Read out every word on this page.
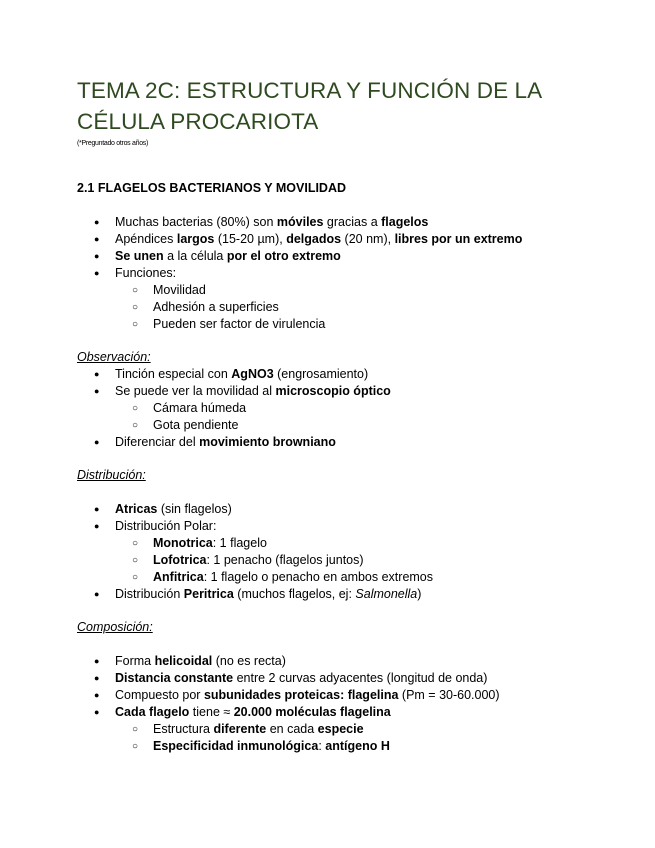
TEMA 2C: ESTRUCTURA Y FUNCIÓN DE LA
CÉLULA PROCARIOTA
(*Preguntado otros años)
2.1 FLAGELOS BACTERIANOS Y MOVILIDAD
● Muchas bacterias (80%) son móviles gracias a flagelos
● Apéndices largos (15-20 µm), delgados (20 nm), libres por un extremo
● Se unen a la célula por el otro extremo
● Funciones:
○ Movilidad
○ Adhesión a superficies
○ Pueden ser factor de virulencia

Observación:

● Tinción especial con AgNO3 (engrosamiento)
● Se puede ver la movilidad al microscopio óptico
○ Cámara húmeda
○ Gota pendiente
● Diferenciar del movimiento browniano

Distribución:

● Atricas (sin flagelos)
● Distribución Polar:
○ Monotrica: 1 flagelo
○ Lofotrica: 1 penacho (flagelos juntos)
○ Anfitrica: 1 flagelo o penacho en ambos extremos
● Distribución Peritrica (muchos flagelos, ej: Salmonella)

Composición:

● Forma helicoidal (no es recta)
● Distancia constante entre 2 curvas adyacentes (longitud de onda)
● Compuesto por subunidades proteicas: flagelina (Pm = 30-60.000)
● Cada flagelo tiene ≈ 20.000 moléculas flagelina
○ Estructura diferente en cada especie
○ Especificidad inmunológica: antígeno H
